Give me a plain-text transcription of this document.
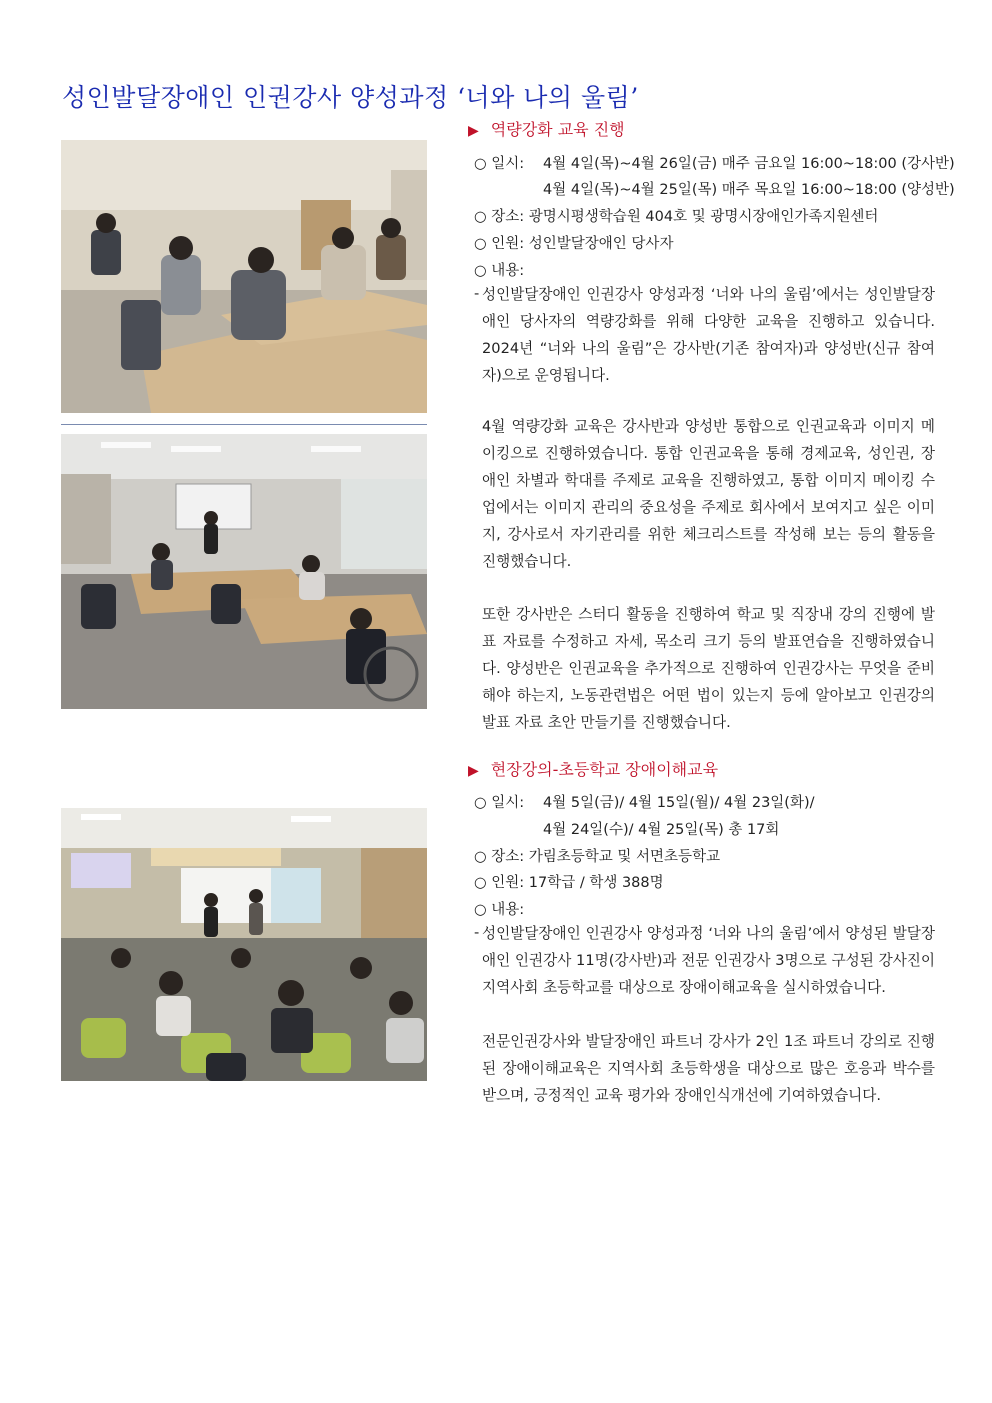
성인발달장애인 인권강사 양성과정 ‘너와 나의 울림’
▶ 역량강화 교육 진행
○ 일시: 4월 4일(목)~4월 26일(금) 매주 금요일 16:00~18:00 (강사반)
4월 4일(목)~4월 25일(목) 매주 목요일 16:00~18:00 (양성반)
○ 장소: 광명시평생학습원 404호 및 광명시장애인가족지원센터
○ 인원: 성인발달장애인 당사자
○ 내용:
- 성인발달장애인 인권강사 양성과정 ‘너와 나의 울림’에서는 성인발달장애인 당사자의 역량강화를 위해 다양한 교육을 진행하고 있습니다. 2024년 “너와 나의 울림”은 강사반(기존 참여자)과 양성반(신규 참여자)으로 운영됩니다.
4월 역량강화 교육은 강사반과 양성반 통합으로 인권교육과 이미지 메이킹으로 진행하였습니다. 통합 인권교육을 통해 경제교육, 성인권, 장애인 차별과 학대를 주제로 교육을 진행하였고, 통합 이미지 메이킹 수업에서는 이미지 관리의 중요성을 주제로 회사에서 보여지고 싶은 이미지, 강사로서 자기관리를 위한 체크리스트를 작성해 보는 등의 활동을 진행했습니다.
또한 강사반은 스터디 활동을 진행하여 학교 및 직장내 강의 진행에 발표 자료를 수정하고 자세, 목소리 크기 등의 발표연습을 진행하였습니다. 양성반은 인권교육을 추가적으로 진행하여 인권강사는 무엇을 준비해야 하는지, 노동관련법은 어떤 법이 있는지 등에 알아보고 인권강의 발표 자료 초안 만들기를 진행했습니다.
▶ 현장강의-초등학교 장애이해교육
○ 일시: 4월 5일(금)/ 4월 15일(월)/ 4월 23일(화)/
4월 24일(수)/ 4월 25일(목) 총 17회
○ 장소: 가림초등학교 및 서면초등학교
○ 인원: 17학급 / 학생 388명
○ 내용:
- 성인발달장애인 인권강사 양성과정 ‘너와 나의 울림’에서 양성된 발달장애인 인권강사 11명(강사반)과 전문 인권강사 3명으로 구성된 강사진이 지역사회 초등학교를 대상으로 장애이해교육을 실시하였습니다.
전문인권강사와 발달장애인 파트너 강사가 2인 1조 파트너 강의로 진행된 장애이해교육은 지역사회 초등학생을 대상으로 많은 호응과 박수를 받으며, 긍정적인 교육 평가와 장애인식개선에 기여하였습니다.
